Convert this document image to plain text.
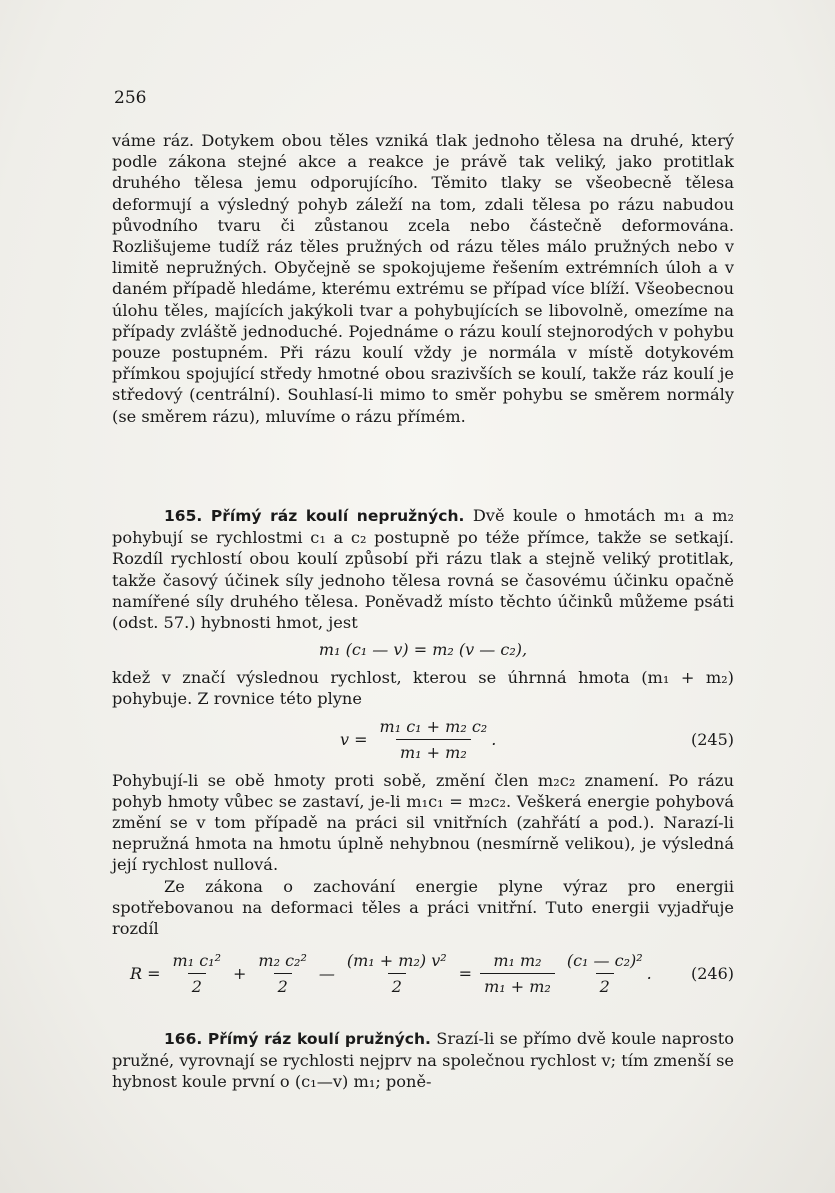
256

váme ráz. Dotykem obou těles vzniká tlak jednoho tělesa na druhé, který podle zákona stejné akce a reakce je právě tak veliký, jako protitlak druhého tělesa jemu odporujícího. Těmito tlaky se všeobecně tělesa deformují a výsledný pohyb záleží na tom, zdali tělesa po rázu nabudou původního tvaru či zůstanou zcela nebo částečně deformována. Rozlišujeme tudíž ráz těles pružných od rázu těles málo pružných nebo v limitě nepružných. Obyčejně se spokojujeme řešením extrémních úloh a v daném případě hledáme, kterému extrému se případ více blíží. Všeobecnou úlohu těles, majících jakýkoli tvar a pohybujících se libovolně, omezíme na případy zvláště jednoduché. Pojednáme o rázu koulí stejnorodých v pohybu pouze postupném. Při rázu koulí vždy je normála v místě dotykovém přímkou spojující středy hmotné obou srazivších se koulí, takže ráz koulí je středový (centrální). Souhlasí-li mimo to směr pohybu se směrem normály (se směrem rázu), mluvíme o rázu přímém.

165. Přímý ráz koulí nepružných. Dvě koule o hmotách m₁ a m₂ pohybují se rychlostmi c₁ a c₂ postupně po téže přímce, takže se setkají. Rozdíl rychlostí obou koulí způsobí při rázu tlak a stejně veliký protitlak, takže časový účinek síly jednoho tělesa rovná se časovému účinku opačně namířené síly druhého tělesa. Poněvadž místo těchto účinků můžeme psáti (odst. 57.) hybnosti hmot, jest

m₁ (c₁ — v) = m₂ (v — c₂),

kdež v značí výslednou rychlost, kterou se úhrnná hmota (m₁ + m₂) pohybuje. Z rovnice této plyne

$v = \frac{\text{m₁ c₁ + m₂ c₂}}{\text{m₁ + m₂}}$ .	(245)

Pohybují-li se obě hmoty proti sobě, změní člen m₂c₂ znamení. Po rázu pohyb hmoty vůbec se zastaví, je-li m₁c₁ = m₂c₂. Veškerá energie pohybová změní se v tom případě na práci sil vnitřních (zahřátí a pod.). Narazí-li nepružná hmota na hmotu úplně nehybnou (nesmírně velikou), je výsledná její rychlost nullová.

Ze zákona o zachování energie plyne výraz pro energii spotřebovanou na deformaci těles a práci vnitřní. Tuto energii vyjadřuje rozdíl

$R = \frac{\text{m₁ c₁²}}{2} + \frac{\text{m₂ c₂²}}{2}$ — $\frac{\text{(m₁ + m₂) v²}}{2} = \frac{\text{m₁ m₂}}{\text{m₁ + m₂}} \frac{\text{(c₁ — c₂)²}}{2}$ . (246)

166. Přímý ráz koulí pružných. Srazí-li se přímo dvě koule naprosto pružné, vyrovnají se rychlosti nejprv na společnou rychlost v; tím zmenší se hybnost koule první o (c₁—v) m₁; poně-
